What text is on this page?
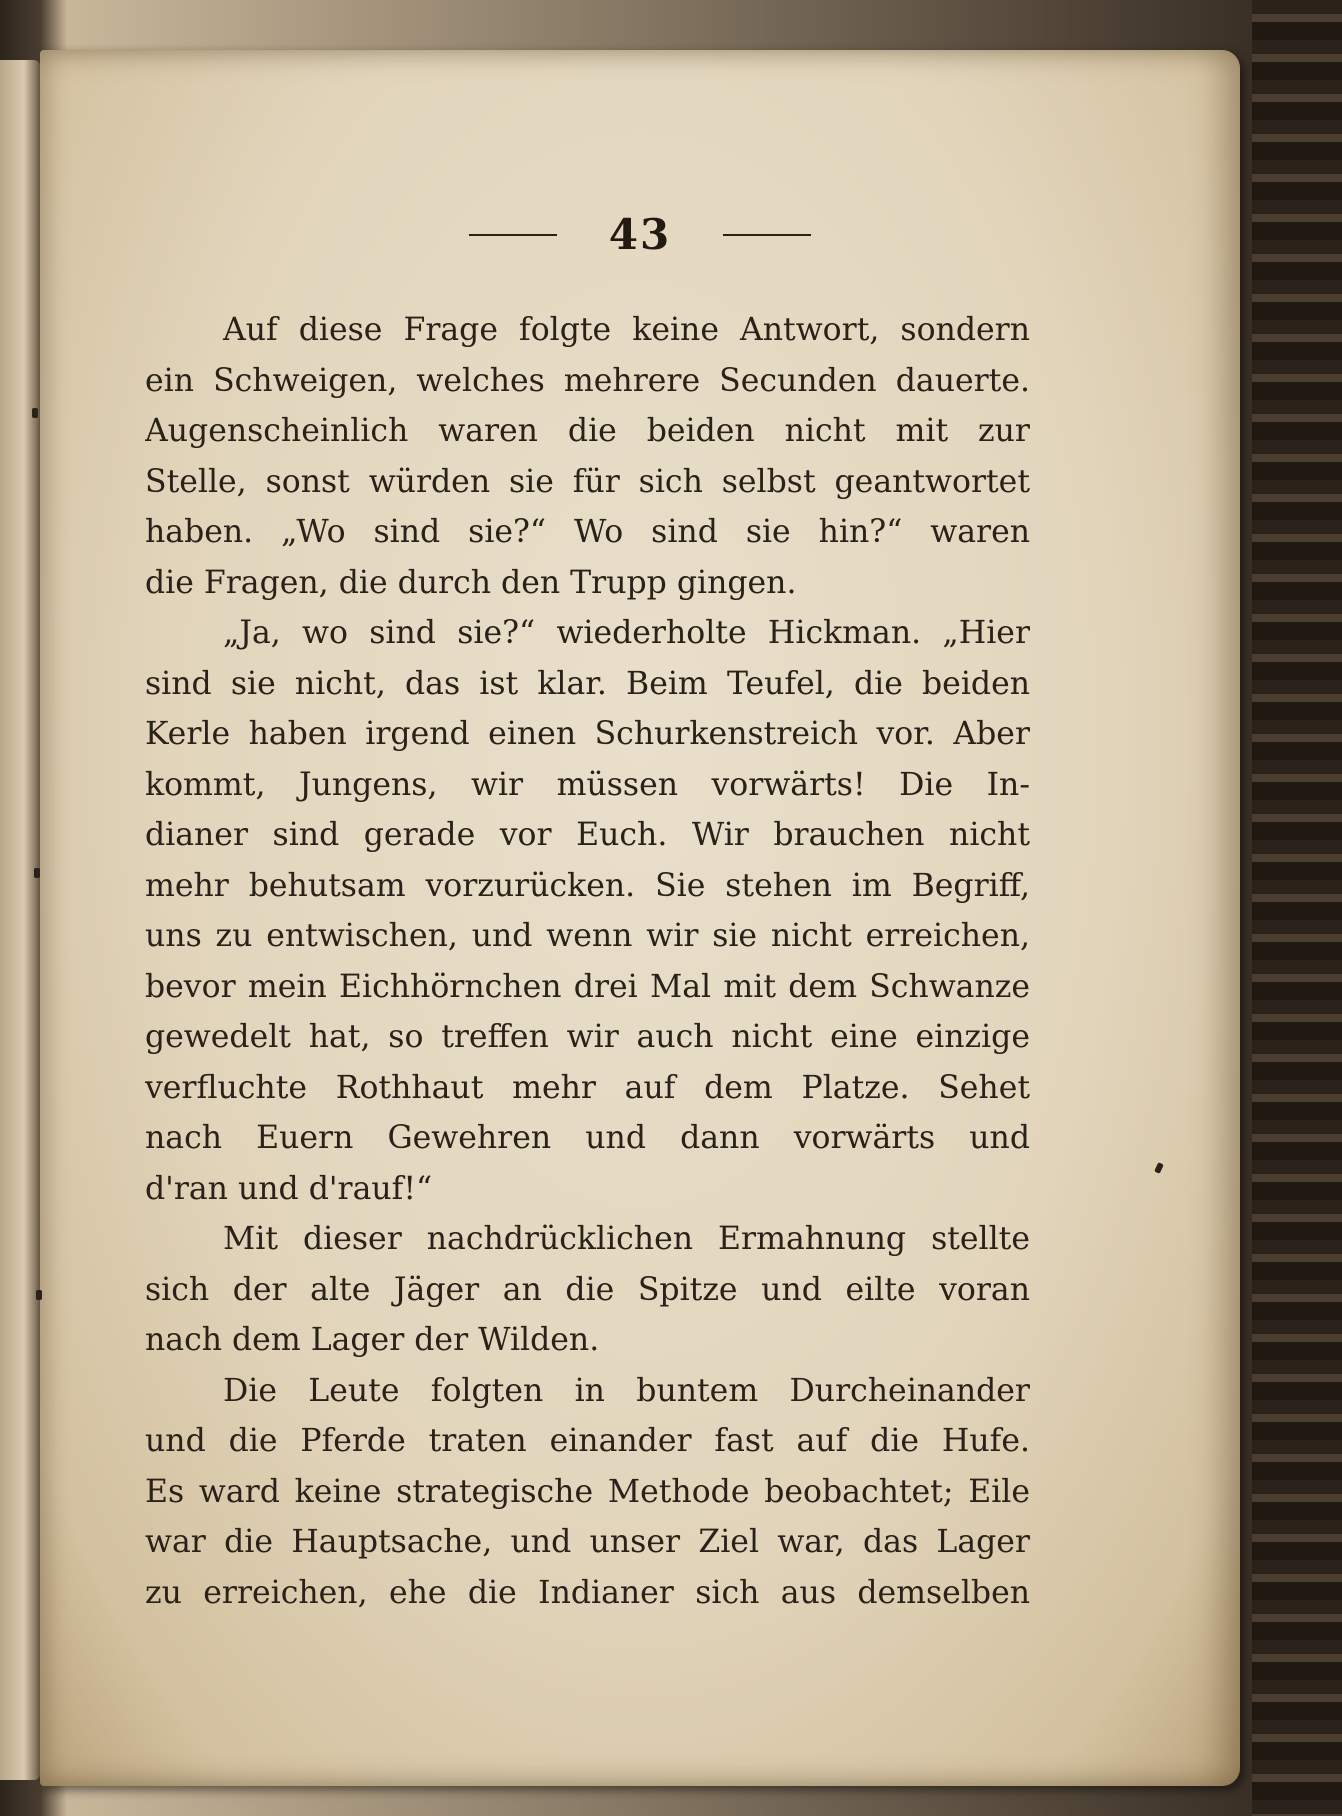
43
Auf diese Frage folgte keine Antwort, sondern
ein Schweigen, welches mehrere Secunden dauerte.
Augenscheinlich waren die beiden nicht mit zur
Stelle, sonst würden sie für sich selbst geantwortet
haben. „Wo sind sie?“ Wo sind sie hin?“ waren
die Fragen, die durch den Trupp gingen.
„Ja, wo sind sie?“ wiederholte Hickman. „Hier
sind sie nicht, das ist klar. Beim Teufel, die beiden
Kerle haben irgend einen Schurkenstreich vor. Aber
kommt, Jungens, wir müssen vorwärts! Die In-
dianer sind gerade vor Euch. Wir brauchen nicht
mehr behutsam vorzurücken. Sie stehen im Begriff,
uns zu entwischen, und wenn wir sie nicht erreichen,
bevor mein Eichhörnchen drei Mal mit dem Schwanze
gewedelt hat, so treffen wir auch nicht eine einzige
verfluchte Rothhaut mehr auf dem Platze. Sehet
nach Euern Gewehren und dann vorwärts und
d'ran und d'rauf!“
Mit dieser nachdrücklichen Ermahnung stellte
sich der alte Jäger an die Spitze und eilte voran
nach dem Lager der Wilden.
Die Leute folgten in buntem Durcheinander
und die Pferde traten einander fast auf die Hufe.
Es ward keine strategische Methode beobachtet; Eile
war die Hauptsache, und unser Ziel war, das Lager
zu erreichen, ehe die Indianer sich aus demselben
